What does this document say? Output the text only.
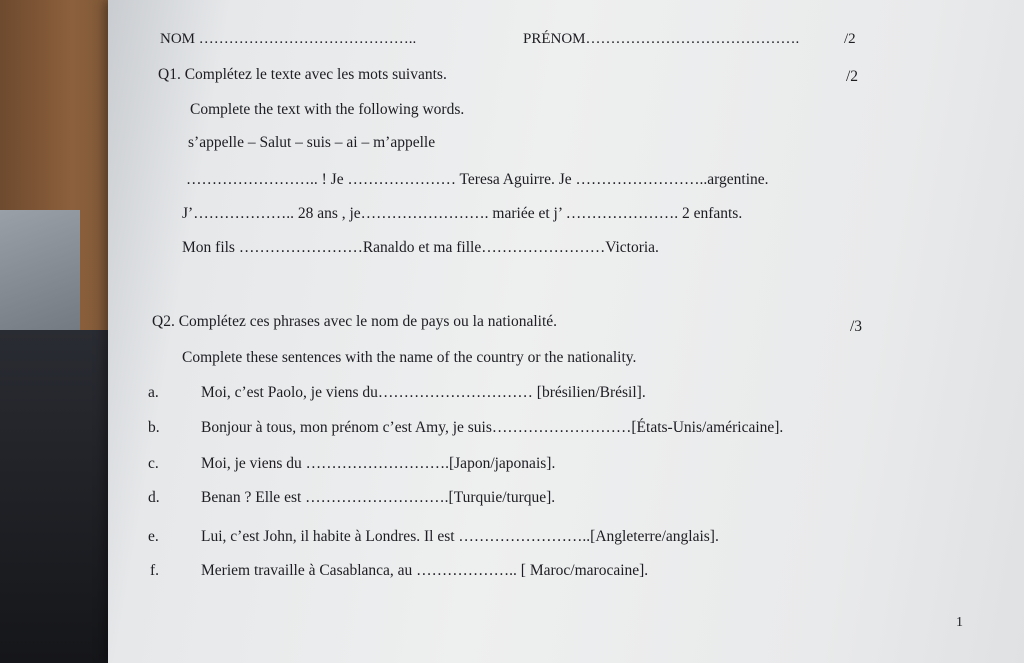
NOM ……………………………………..	PRÉNOM…………………………………….	/2
Q1. Complétez le texte avec les mots suivants.	/2
Complete the text with the following words.
s’appelle – Salut – suis – ai – m’appelle
…………………….. ! Je ………………… Teresa Aguirre. Je ……………………..argentine.
J’……………….. 28 ans , je……………………. mariée et j’ …………………. 2 enfants.
Mon fils ……………………Ranaldo et ma fille……………………Victoria.
Q2. Complétez ces phrases avec le nom de pays ou la nationalité.	/3
Complete these sentences with the name of the country or the nationality.
a.	Moi, c’est Paolo, je viens du………………………… [brésilien/Brésil].
b.	Bonjour à tous, mon prénom c’est Amy, je suis………………………[États-Unis/américaine].
c.	Moi, je viens du ……………………….[Japon/japonais].
d.	Benan ? Elle est ……………………….[Turquie/turque].
e.	Lui, c’est John, il habite à Londres. Il est ……………………..[Angleterre/anglais].
f.	Meriem travaille à Casablanca, au ……………….. [ Maroc/marocaine].
1
